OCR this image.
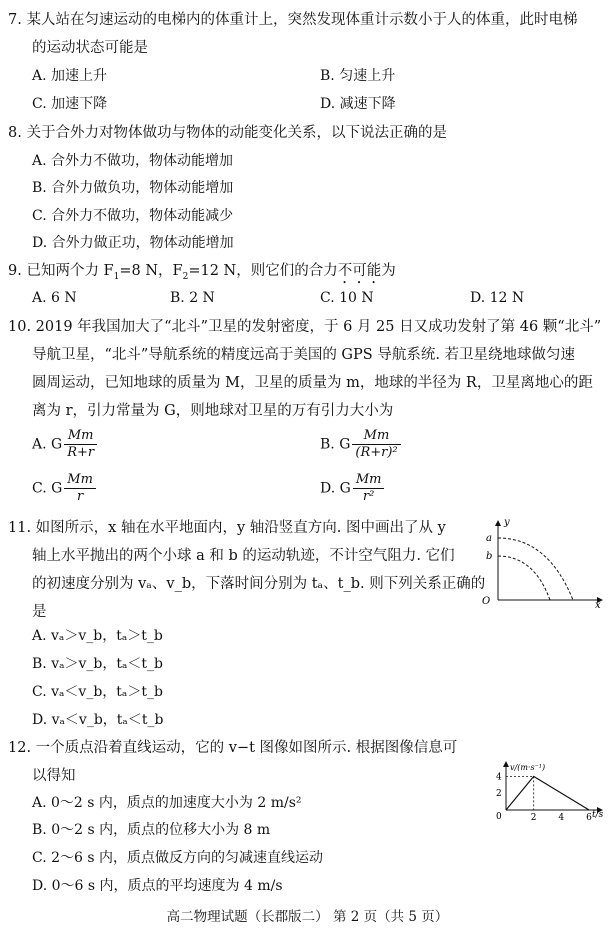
7. 某人站在匀速运动的电梯内的体重计上，突然发现体重计示数小于人的体重，此时电梯
的运动状态可能是
A. 加速上升	B. 匀速上升
C. 加速下降	D. 减速下降
8. 关于合外力对物体做功与物体的动能变化关系，以下说法正确的是
A. 合外力不做功，物体动能增加
B. 合外力做负功，物体动能增加
C. 合外力不做功，物体动能减少
D. 合外力做正功，物体动能增加
9. 已知两个力 $F_1=8$ N，$F_2=12$ N，则它们的合力不可能为
A. 6 N	B. 2 N	C. 10 N	D. 12 N
10. 2019 年我国加大了“北斗”卫星的发射密度，于 6 月 25 日又成功发射了第 46 颗“北斗”
导航卫星，“北斗”导航系统的精度远高于美国的 GPS 导航系统. 若卫星绕地球做匀速
圆周运动，已知地球的质量为 M，卫星的质量为 m，地球的半径为 R，卫星离地心的距
离为 r，引力常量为 G，则地球对卫星的万有引力大小为
A. G $\frac{Mm}{R+r}$	B. G $\frac{Mm}{\text{(R+r)²}}$
C. G $\frac{Mm}{r}$	D. G $\frac{Mm}{\text{r²}}$
11. 如图所示，x 轴在水平地面内，y 轴沿竖直方向. 图中画出了从 y
轴上水平抛出的两个小球 a 和 b 的运动轨迹，不计空气阻力. 它们
的初速度分别为 vₐ、v_b，下落时间分别为 tₐ、t_b. 则下列关系正确的
是
A. vₐ＞v_b，tₐ＞t_b
B. vₐ＞v_b，tₐ＜t_b
C. vₐ＜v_b，tₐ＞t_b
D. vₐ＜v_b，tₐ＜t_b
y
x
O
a
b
12. 一个质点沿着直线运动，它的 v−t 图像如图所示. 根据图像信息可
以得知
A. 0～2 s 内，质点的加速度大小为 2 m/s²
B. 0～2 s 内，质点的位移大小为 8 m
C. 2～6 s 内，质点做反方向的匀减速直线运动
D. 0～6 s 内，质点的平均速度为 4 m/s
v/(m·s⁻¹)
t/s
0
4
2
2 4 6
高二物理试题（长郡版二） 第 2 页（共 5 页）
